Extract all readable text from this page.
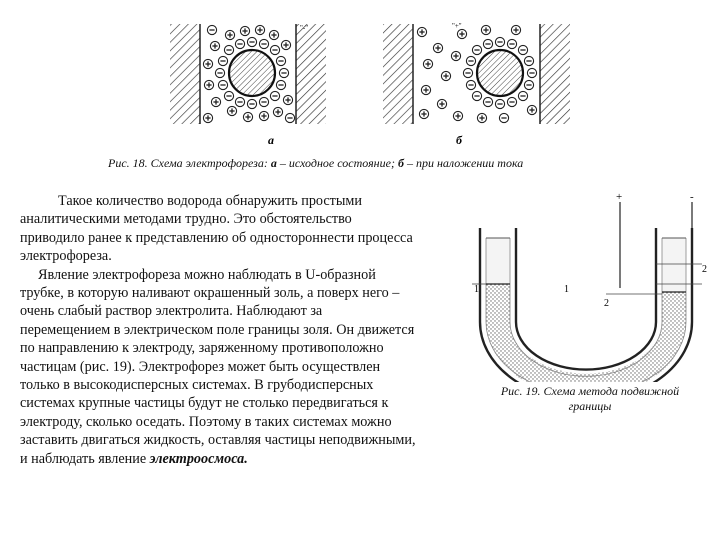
"-"	"+"
а	б
Рис. 18. Схема электрофореза: а – исходное состояние; б – при наложении тока
Такое количество водорода обнаружить простыми
аналитическими методами трудно. Это обстоятельство
приводило ранее к представлению об одностороннести процесса
электрофореза.
Явление электрофореза можно наблюдать в U-образной
трубке, в которую наливают окрашенный золь, а поверх него –
очень слабый раствор электролита. Наблюдают за
перемещением в электрическом поле границы золя. Он движется
по направлению к электроду, заряженному противоположно
частицам (рис. 19). Электрофорез может быть осуществлен
только в высокодисперсных системах. В грубодисперсных
системах крупные частицы будут не столько передвигаться к
электроду, сколько оседать. Поэтому в таких системах можно
заставить двигаться жидкость, оставляя частицы неподвижными,
и наблюдать явление электроосмоса.
+	-
1	1
2
2
Рис. 19. Схема метода подвижной
границы
